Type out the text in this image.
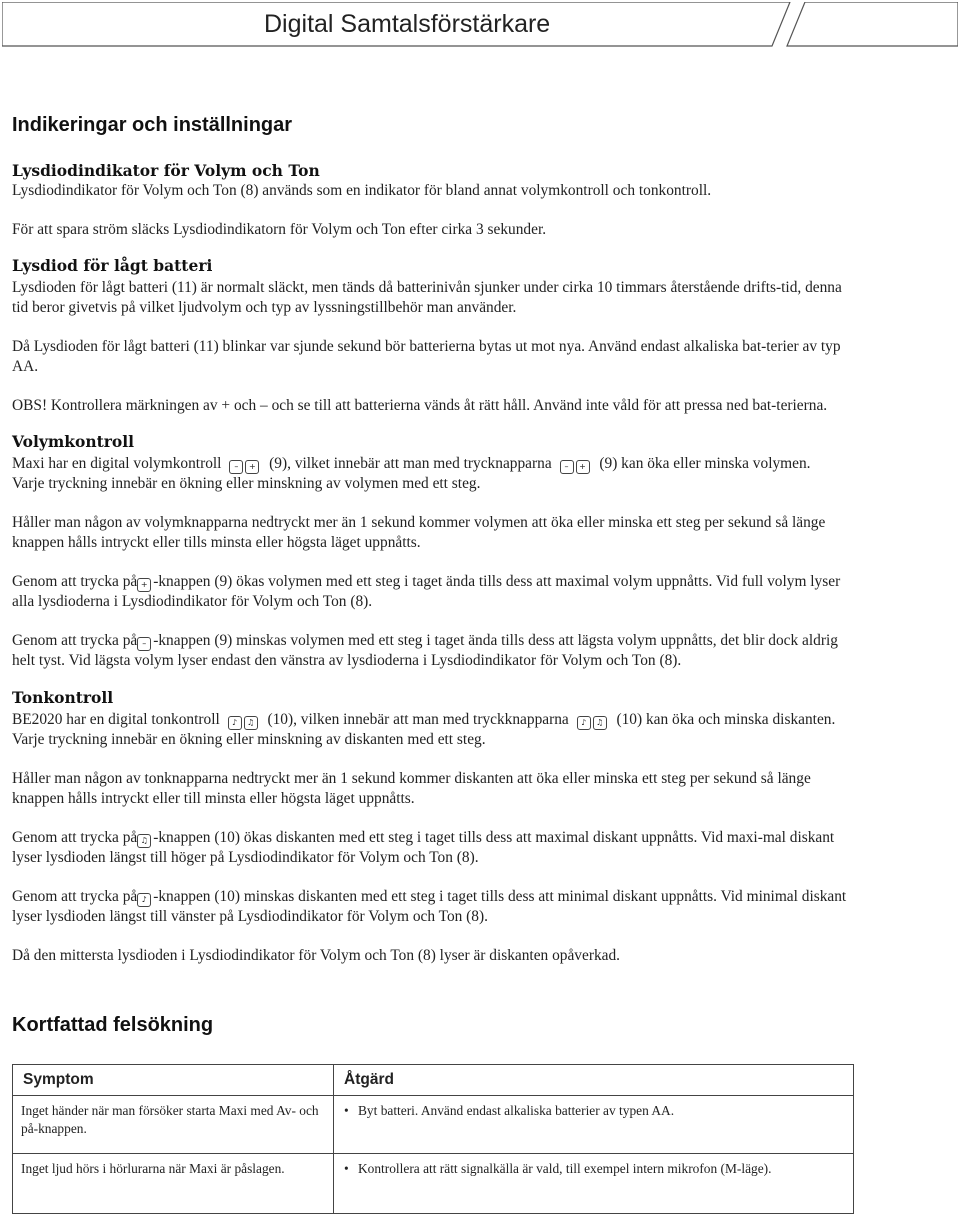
Digital Samtalsförstärkare

Indikeringar och inställningar

Lysdiodindikator för Volym och Ton

Lysdiodindikator för Volym och Ton (8) används som en indikator för bland annat volymkontroll och tonkontroll.

För att spara ström släcks Lysdiodindikatorn för Volym och Ton efter cirka 3 sekunder.

Lysdiod för lågt batteri

Lysdioden för lågt batteri (11) är normalt släckt, men tänds då batterinivån sjunker under cirka 10 timmars återstående drifts-tid, denna tid beror givetvis på vilket ljudvolym och typ av lyssningstillbehör man använder.

Då Lysdioden för lågt batteri (11) blinkar var sjunde sekund bör batterierna bytas ut mot nya. Använd endast alkaliska bat-terier av typ AA.

OBS! Kontrollera märkningen av + och – och se till att batterierna vänds åt rätt håll. Använd inte våld för att pressa ned bat-terierna.

Volymkontroll

Maxi har en digital volymkontroll – + (9), vilket innebär att man med trycknapparna – + (9) kan öka eller minska volymen.
Varje tryckning innebär en ökning eller minskning av volymen med ett steg.

Håller man någon av volymknapparna nedtryckt mer än 1 sekund kommer volymen att öka eller minska ett steg per sekund så länge knappen hålls intryckt eller tills minsta eller högsta läget uppnåtts.

Genom att trycka på + -knappen (9) ökas volymen med ett steg i taget ända tills dess att maximal volym uppnåtts. Vid full volym lyser alla lysdioderna i Lysdiodindikator för Volym och Ton (8).

Genom att trycka på – -knappen (9) minskas volymen med ett steg i taget ända tills dess att lägsta volym uppnåtts, det blir dock aldrig helt tyst. Vid lägsta volym lyser endast den vänstra av lysdioderna i Lysdiodindikator för Volym och Ton (8).

Tonkontroll

BE2020 har en digital tonkontroll ♪ ♫ (10), vilken innebär att man med tryckknapparna ♪ ♫ (10) kan öka och minska diskanten. Varje tryckning innebär en ökning eller minskning av diskanten med ett steg.

Håller man någon av tonknapparna nedtryckt mer än 1 sekund kommer diskanten att öka eller minska ett steg per sekund så länge knappen hålls intryckt eller till minsta eller högsta läget uppnåtts.

Genom att trycka på ♫ -knappen (10) ökas diskanten med ett steg i taget tills dess att maximal diskant uppnåtts. Vid maxi-mal diskant lyser lysdioden längst till höger på Lysdiodindikator för Volym och Ton (8).

Genom att trycka på ♪ -knappen (10) minskas diskanten med ett steg i taget tills dess att minimal diskant uppnåtts. Vid minimal diskant lyser lysdioden längst till vänster på Lysdiodindikator för Volym och Ton (8).

Då den mittersta lysdioden i Lysdiodindikator för Volym och Ton (8) lyser är diskanten opåverkad.

Kortfattad felsökning

Symptom	Åtgärd
Inget händer när man försöker starta Maxi med Av- och på-knappen.	• Byt batteri. Använd endast alkaliska batterier av typen AA.
Inget ljud hörs i hörlurarna när Maxi är påslagen.	• Kontrollera att rätt signalkälla är vald, till exempel intern mikrofon (M-läge).
